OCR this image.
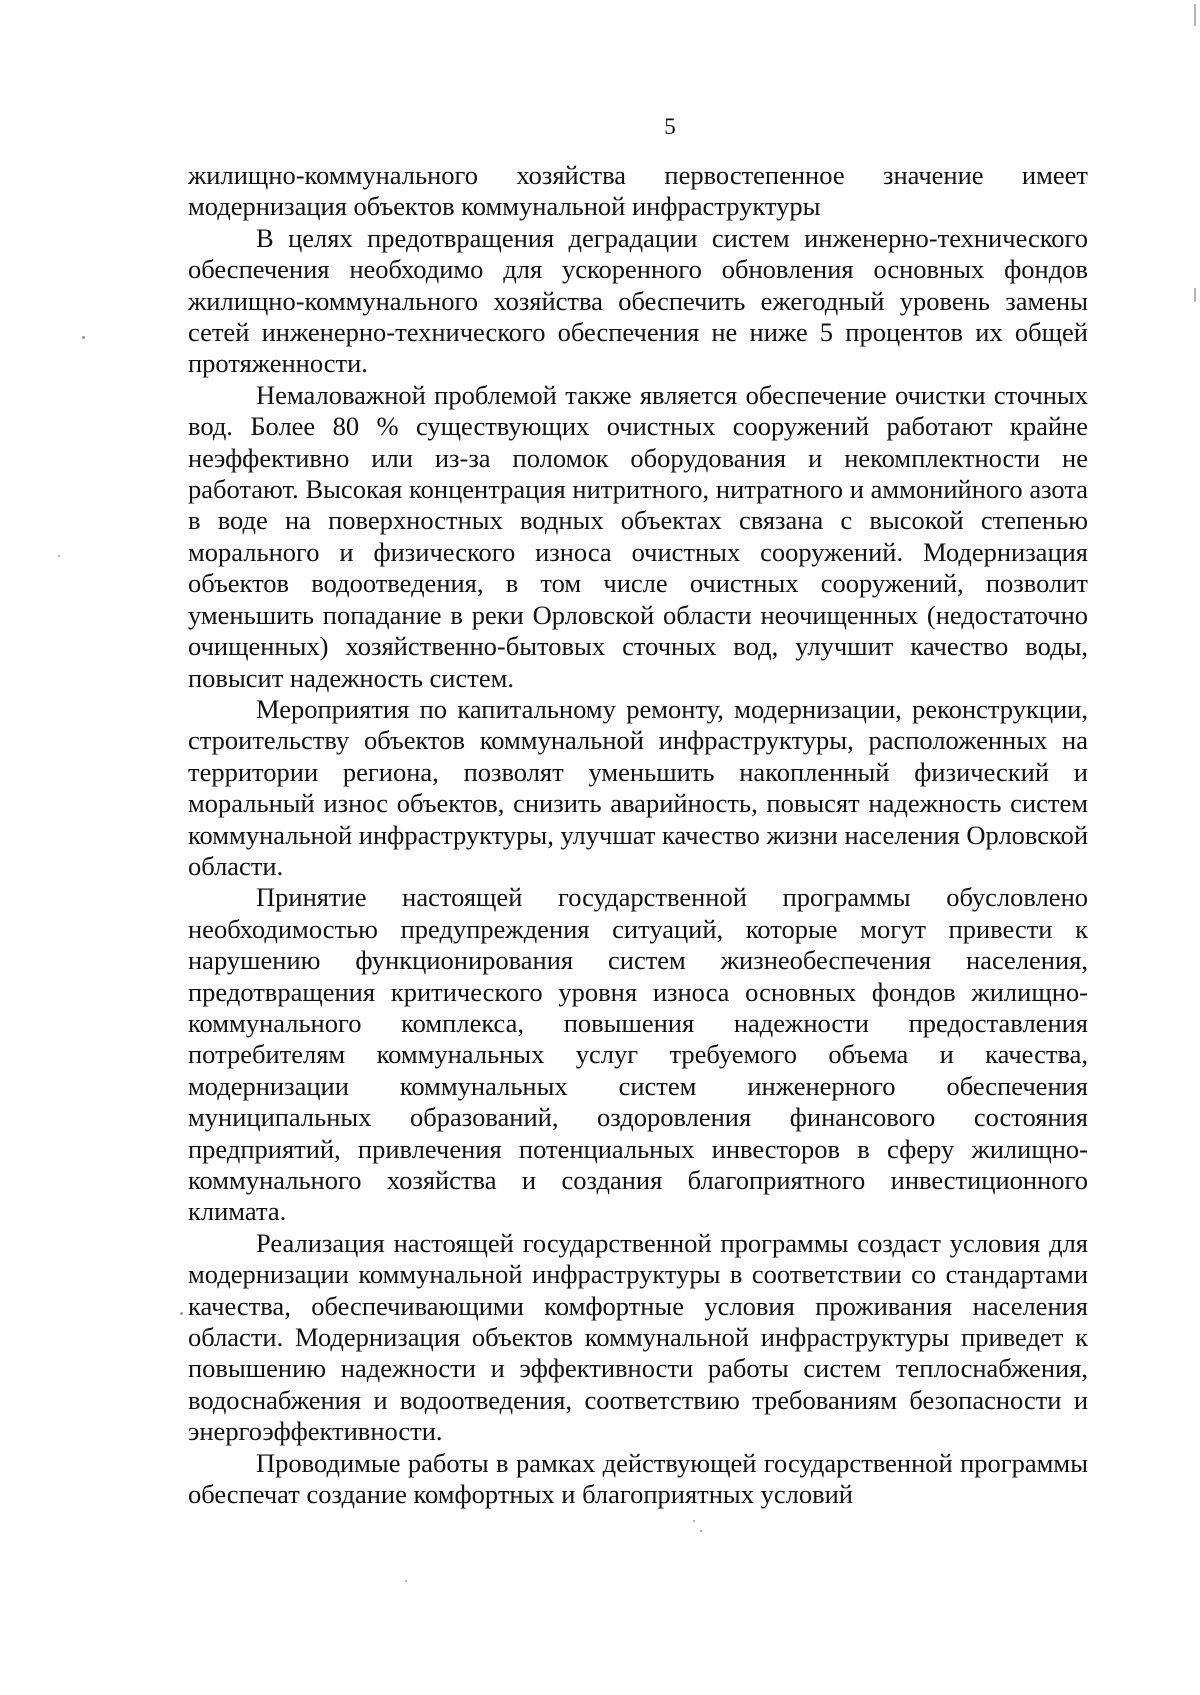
5

жилищно-коммунального хозяйства первостепенное значение имеет модернизация объектов коммунальной инфраструктуры

В целях предотвращения деградации систем инженерно-технического обеспечения необходимо для ускоренного обновления основных фондов жилищно-коммунального хозяйства обеспечить ежегодный уровень замены сетей инженерно-технического обеспечения не ниже 5 процентов их общей протяженности.

Немаловажной проблемой также является обеспечение очистки сточных вод. Более 80 % существующих очистных сооружений работают крайне неэффективно или из-за поломок оборудования и некомплектности не работают. Высокая концентрация нитритного, нитратного и аммонийного азота в воде на поверхностных водных объектах связана с высокой степенью морального и физического износа очистных сооружений. Модернизация объектов водоотведения, в том числе очистных сооружений, позволит уменьшить попадание в реки Орловской области неочищенных (недостаточно очищенных) хозяйственно-бытовых сточных вод, улучшит качество воды, повысит надежность систем.

Мероприятия по капитальному ремонту, модернизации, реконструкции, строительству объектов коммунальной инфраструктуры, расположенных на территории региона, позволят уменьшить накопленный физический и моральный износ объектов, снизить аварийность, повысят надежность систем коммунальной инфраструктуры, улучшат качество жизни населения Орловской области.

Принятие настоящей государственной программы обусловлено необходимостью предупреждения ситуаций, которые могут привести к нарушению функционирования систем жизнеобеспечения населения, предотвращения критического уровня износа основных фондов жилищно-коммунального комплекса, повышения надежности предоставления потребителям коммунальных услуг требуемого объема и качества, модернизации коммунальных систем инженерного обеспечения муниципальных образований, оздоровления финансового состояния предприятий, привлечения потенциальных инвесторов в сферу жилищно-коммунального хозяйства и создания благоприятного инвестиционного климата.

Реализация настоящей государственной программы создаст условия для модернизации коммунальной инфраструктуры в соответствии со стандартами качества, обеспечивающими комфортные условия проживания населения области. Модернизация объектов коммунальной инфраструктуры приведет к повышению надежности и эффективности работы систем теплоснабжения, водоснабжения и водоотведения, соответствию требованиям безопасности и энергоэффективности.

Проводимые работы в рамках действующей государственной программы обеспечат создание комфортных и благоприятных условий
